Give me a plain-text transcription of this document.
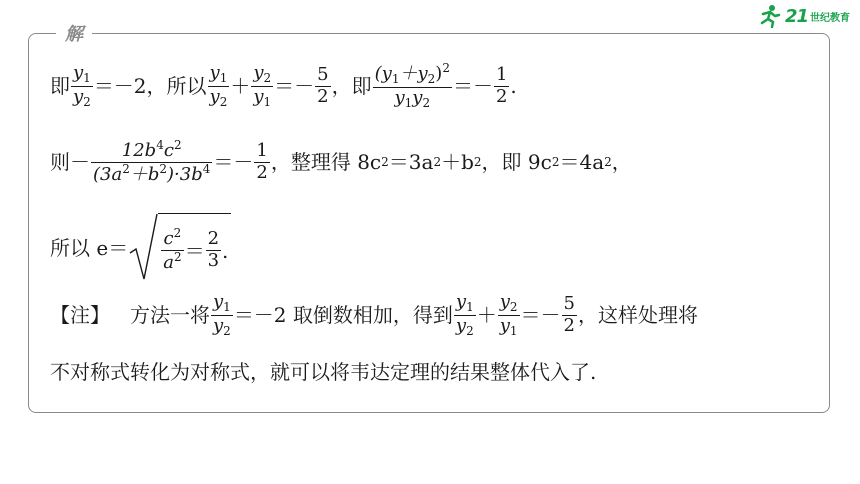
21 世纪教育
解
即 $\frac{y_1}{y_2} =-2$，所以 $\frac{y_1}{y_2} + \frac{y_2}{y_1} =- \frac{5}{2}$ ，即 $\frac{(y_1+y_2)^2}{y_1y_2} =- \frac{1}{2}$ .
则－ $\frac{12b^4c^2}{(3a^2+b^2)\cdot 3b^4} =- \frac{1}{2}$ ，整理得 8c 2 ＝3a 2 ＋b 2 ，即 9c 2 ＝4a 2 ，
所以 $e= \frac{c^2}{a^2} = \frac{2}{3}$ .
【注】 方法一将 $\frac{y_1}{y_2} =-2$ 取倒数相加，得到 $\frac{y_1}{y_2} + \frac{y_2}{y_1} =- \frac{5}{2}$ ，这样处理将
不对称式转化为对称式，就可以将韦达定理的结果整体代入了.
